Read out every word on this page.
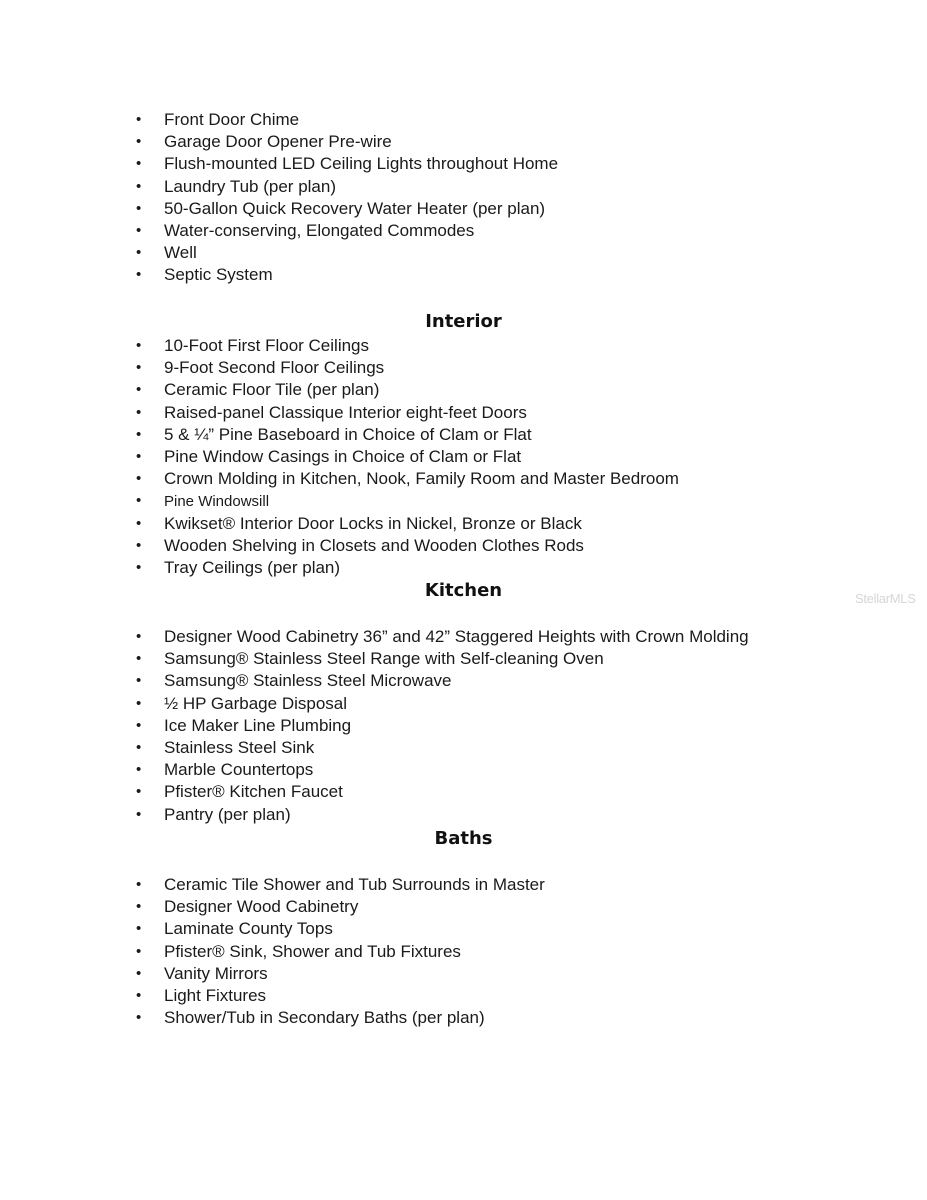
• Front Door Chime
• Garage Door Opener Pre-wire
• Flush-mounted LED Ceiling Lights throughout Home
• Laundry Tub (per plan)
• 50-Gallon Quick Recovery Water Heater (per plan)
• Water-conserving, Elongated Commodes
• Well
• Septic System
Interior
• 10-Foot First Floor Ceilings
• 9-Foot Second Floor Ceilings
• Ceramic Floor Tile (per plan)
• Raised-panel Classique Interior eight-feet Doors
• 5 & ¼” Pine Baseboard in Choice of Clam or Flat
• Pine Window Casings in Choice of Clam or Flat
• Crown Molding in Kitchen, Nook, Family Room and Master Bedroom
• Pine Windowsill
• Kwikset® Interior Door Locks in Nickel, Bronze or Black
• Wooden Shelving in Closets and Wooden Clothes Rods
• Tray Ceilings (per plan)
Kitchen
• Designer Wood Cabinetry 36” and 42” Staggered Heights with Crown Molding
• Samsung® Stainless Steel Range with Self-cleaning Oven
• Samsung® Stainless Steel Microwave
• ½ HP Garbage Disposal
• Ice Maker Line Plumbing
• Stainless Steel Sink
• Marble Countertops
• Pfister® Kitchen Faucet
• Pantry (per plan)
Baths
• Ceramic Tile Shower and Tub Surrounds in Master
• Designer Wood Cabinetry
• Laminate County Tops
• Pfister® Sink, Shower and Tub Fixtures
• Vanity Mirrors
• Light Fixtures
• Shower/Tub in Secondary Baths (per plan)
StellarMLS
